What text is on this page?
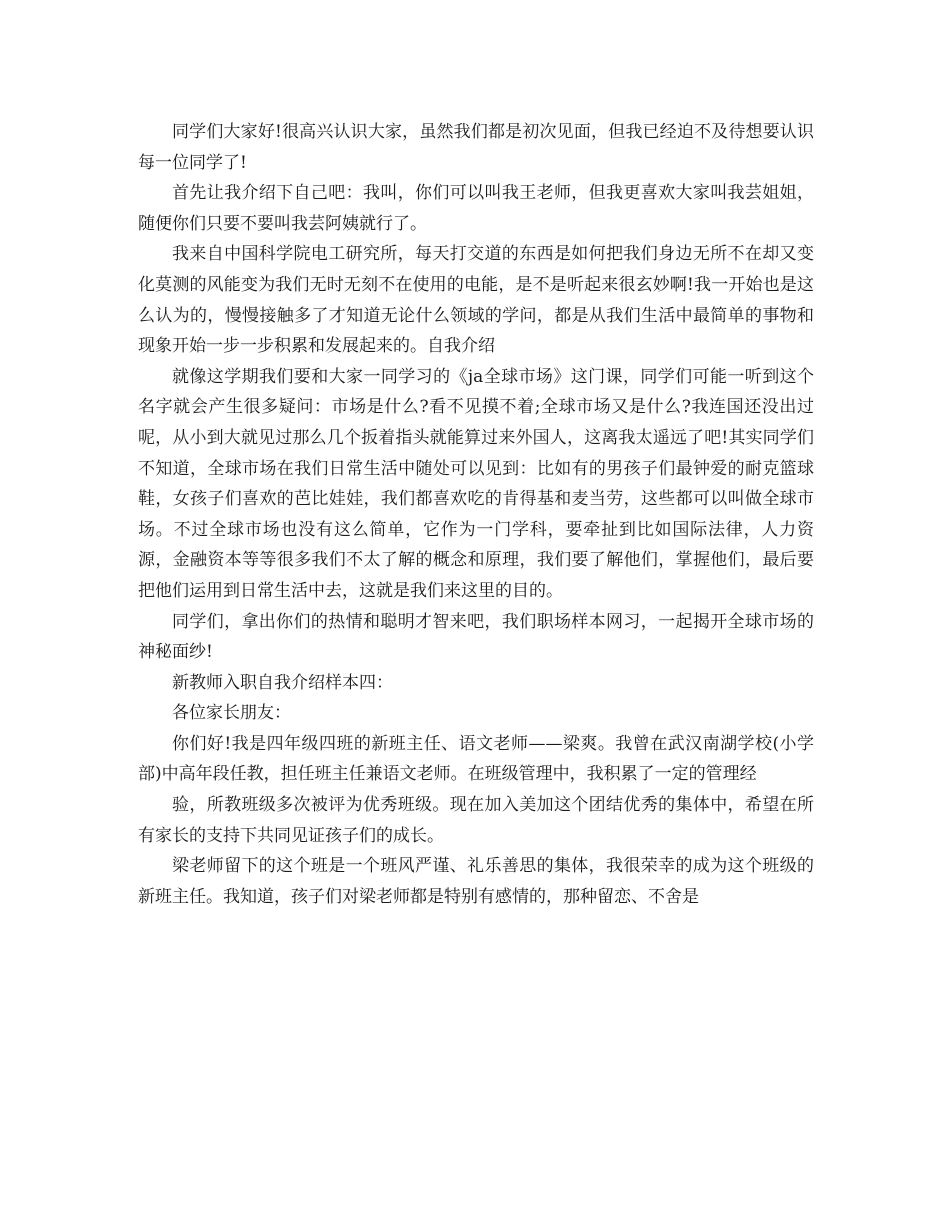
同学们大家好!很高兴认识大家，虽然我们都是初次见面，但我已经迫不及待想要认识每一位同学了!

首先让我介绍下自己吧：我叫，你们可以叫我王老师，但我更喜欢大家叫我芸姐姐，随便你们只要不要叫我芸阿姨就行了。

我来自中国科学院电工研究所，每天打交道的东西是如何把我们身边无所不在却又变化莫测的风能变为我们无时无刻不在使用的电能，是不是听起来很玄妙啊!我一开始也是这么认为的，慢慢接触多了才知道无论什么领域的学问，都是从我们生活中最简单的事物和现象开始一步一步积累和发展起来的。自我介绍

就像这学期我们要和大家一同学习的《ja全球市场》这门课，同学们可能一听到这个名字就会产生很多疑问：市场是什么?看不见摸不着;全球市场又是什么?我连国还没出过呢，从小到大就见过那么几个扳着指头就能算过来外国人，这离我太遥远了吧!其实同学们不知道，全球市场在我们日常生活中随处可以见到：比如有的男孩子们最钟爱的耐克篮球鞋，女孩子们喜欢的芭比娃娃，我们都喜欢吃的肯得基和麦当劳，这些都可以叫做全球市场。不过全球市场也没有这么简单，它作为一门学科，要牵扯到比如国际法律，人力资源，金融资本等等很多我们不太了解的概念和原理，我们要了解他们，掌握他们，最后要把他们运用到日常生活中去，这就是我们来这里的目的。

同学们，拿出你们的热情和聪明才智来吧，我们职场样本网习，一起揭开全球市场的神秘面纱!

新教师入职自我介绍样本四：

各位家长朋友：

你们好!我是四年级四班的新班主任、语文老师——梁爽。我曾在武汉南湖学校(小学部)中高年段任教，担任班主任兼语文老师。在班级管理中，我积累了一定的管理经

验，所教班级多次被评为优秀班级。现在加入美加这个团结优秀的集体中，希望在所有家长的支持下共同见证孩子们的成长。

梁老师留下的这个班是一个班风严谨、礼乐善思的集体，我很荣幸的成为这个班级的新班主任。我知道，孩子们对梁老师都是特别有感情的，那种留恋、不舍是
